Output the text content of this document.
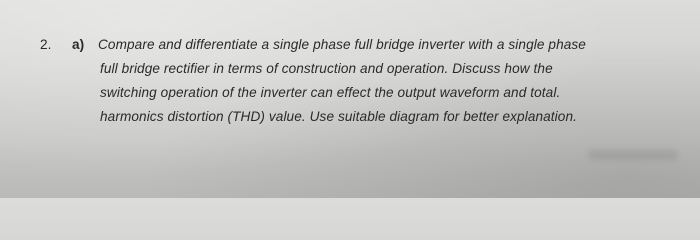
2. a) Compare and differentiate a single phase full bridge inverter with a single phase
full bridge rectifier in terms of construction and operation. Discuss how the
switching operation of the inverter can effect the output waveform and total.
harmonics distortion (THD) value. Use suitable diagram for better explanation.
